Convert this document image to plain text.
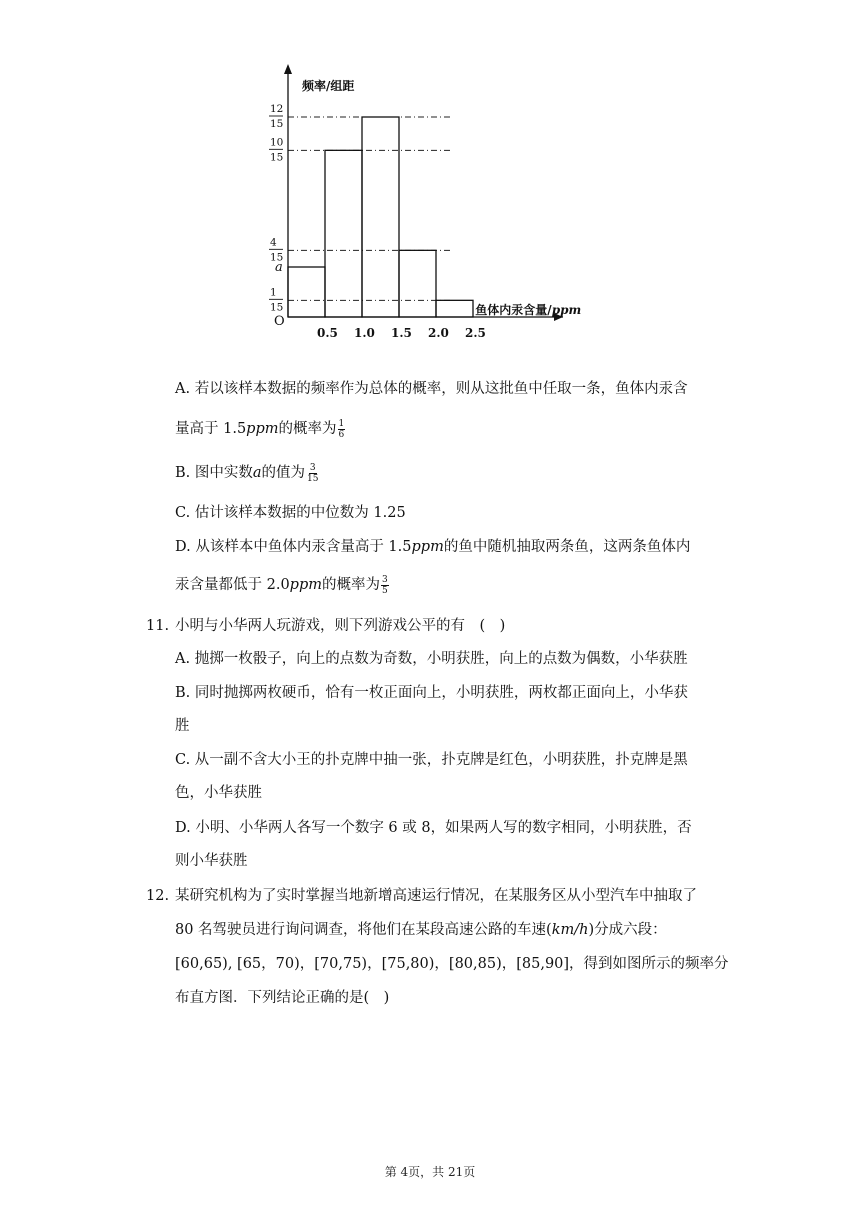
频率/组距
鱼体内汞含量/ppm
O
0.5 1.0 1.5 2.0 2.5
12
15
10
15
4
15
a
1
15
A. 若以该样本数据的频率作为总体的概率，则从这批鱼中任取一条，鱼体内汞含
量高于 1.5ppm的概率为 $\frac{1}{6}$
B. 图中实数a的值为 $\frac{3}{15}$
C. 估计该样本数据的中位数为 1.25
D. 从该样本中鱼体内汞含量高于 1.5ppm的鱼中随机抽取两条鱼，这两条鱼体内
汞含量都低于 2.0ppm的概率为 $\frac{3}{5}$
11. 小明与小华两人玩游戏，则下列游戏公平的有　(　)
A. 抛掷一枚骰子，向上的点数为奇数，小明获胜，向上的点数为偶数，小华获胜
B. 同时抛掷两枚硬币，恰有一枚正面向上，小明获胜，两枚都正面向上，小华获
胜
C. 从一副不含大小王的扑克牌中抽一张，扑克牌是红色，小明获胜，扑克牌是黑
色，小华获胜
D. 小明、小华两人各写一个数字 6 或 8，如果两人写的数字相同，小明获胜，否
则小华获胜
12. 某研究机构为了实时掌握当地新增高速运行情况，在某服务区从小型汽车中抽取了
80 名驾驶员进行询问调查，将他们在某段高速公路的车速(km/h)分成六段：
[60,65), [65，70)，[70,75)，[75,80)，[80,85)，[85,90]，得到如图所示的频率分
布直方图．下列结论正确的是(　)
第 4页，共 21页
